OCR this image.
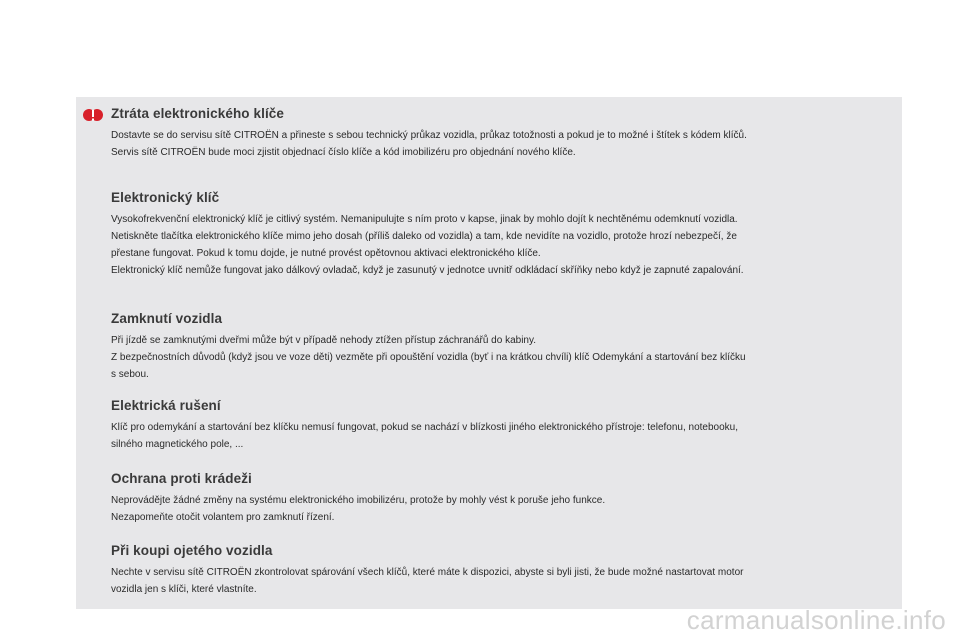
Ztráta elektronického klíče
Dostavte se do servisu sítě CITROËN a přineste s sebou technický průkaz vozidla, průkaz totožnosti a pokud je to možné i štítek s kódem klíčů.
Servis sítě CITROËN bude moci zjistit objednací číslo klíče a kód imobilizéru pro objednání nového klíče.
Elektronický klíč
Vysokofrekvenční elektronický klíč je citlivý systém. Nemanipulujte s ním proto v kapse, jinak by mohlo dojít k nechtěnému odemknutí vozidla.
Netiskněte tlačítka elektronického klíče mimo jeho dosah (příliš daleko od vozidla) a tam, kde nevidíte na vozidlo, protože hrozí nebezpečí, že
přestane fungovat. Pokud k tomu dojde, je nutné provést opětovnou aktivaci elektronického klíče.
Elektronický klíč nemůže fungovat jako dálkový ovladač, když je zasunutý v jednotce uvnitř odkládací skříňky nebo když je zapnuté zapalování.
Zamknutí vozidla
Při jízdě se zamknutými dveřmi může být v případě nehody ztížen přístup záchranářů do kabiny.
Z bezpečnostních důvodů (když jsou ve voze děti) vezměte při opouštění vozidla (byť i na krátkou chvíli) klíč Odemykání a startování bez klíčku
s sebou.
Elektrická rušení
Klíč pro odemykání a startování bez klíčku nemusí fungovat, pokud se nachází v blízkosti jiného elektronického přístroje: telefonu, notebooku,
silného magnetického pole, ...
Ochrana proti krádeži
Neprovádějte žádné změny na systému elektronického imobilizéru, protože by mohly vést k poruše jeho funkce.
Nezapomeňte otočit volantem pro zamknutí řízení.
Při koupi ojetého vozidla
Nechte v servisu sítě CITROËN zkontrolovat spárování všech klíčů, které máte k dispozici, abyste si byli jisti, že bude možné nastartovat motor
vozidla jen s klíči, které vlastníte.
carmanualsonline.info
